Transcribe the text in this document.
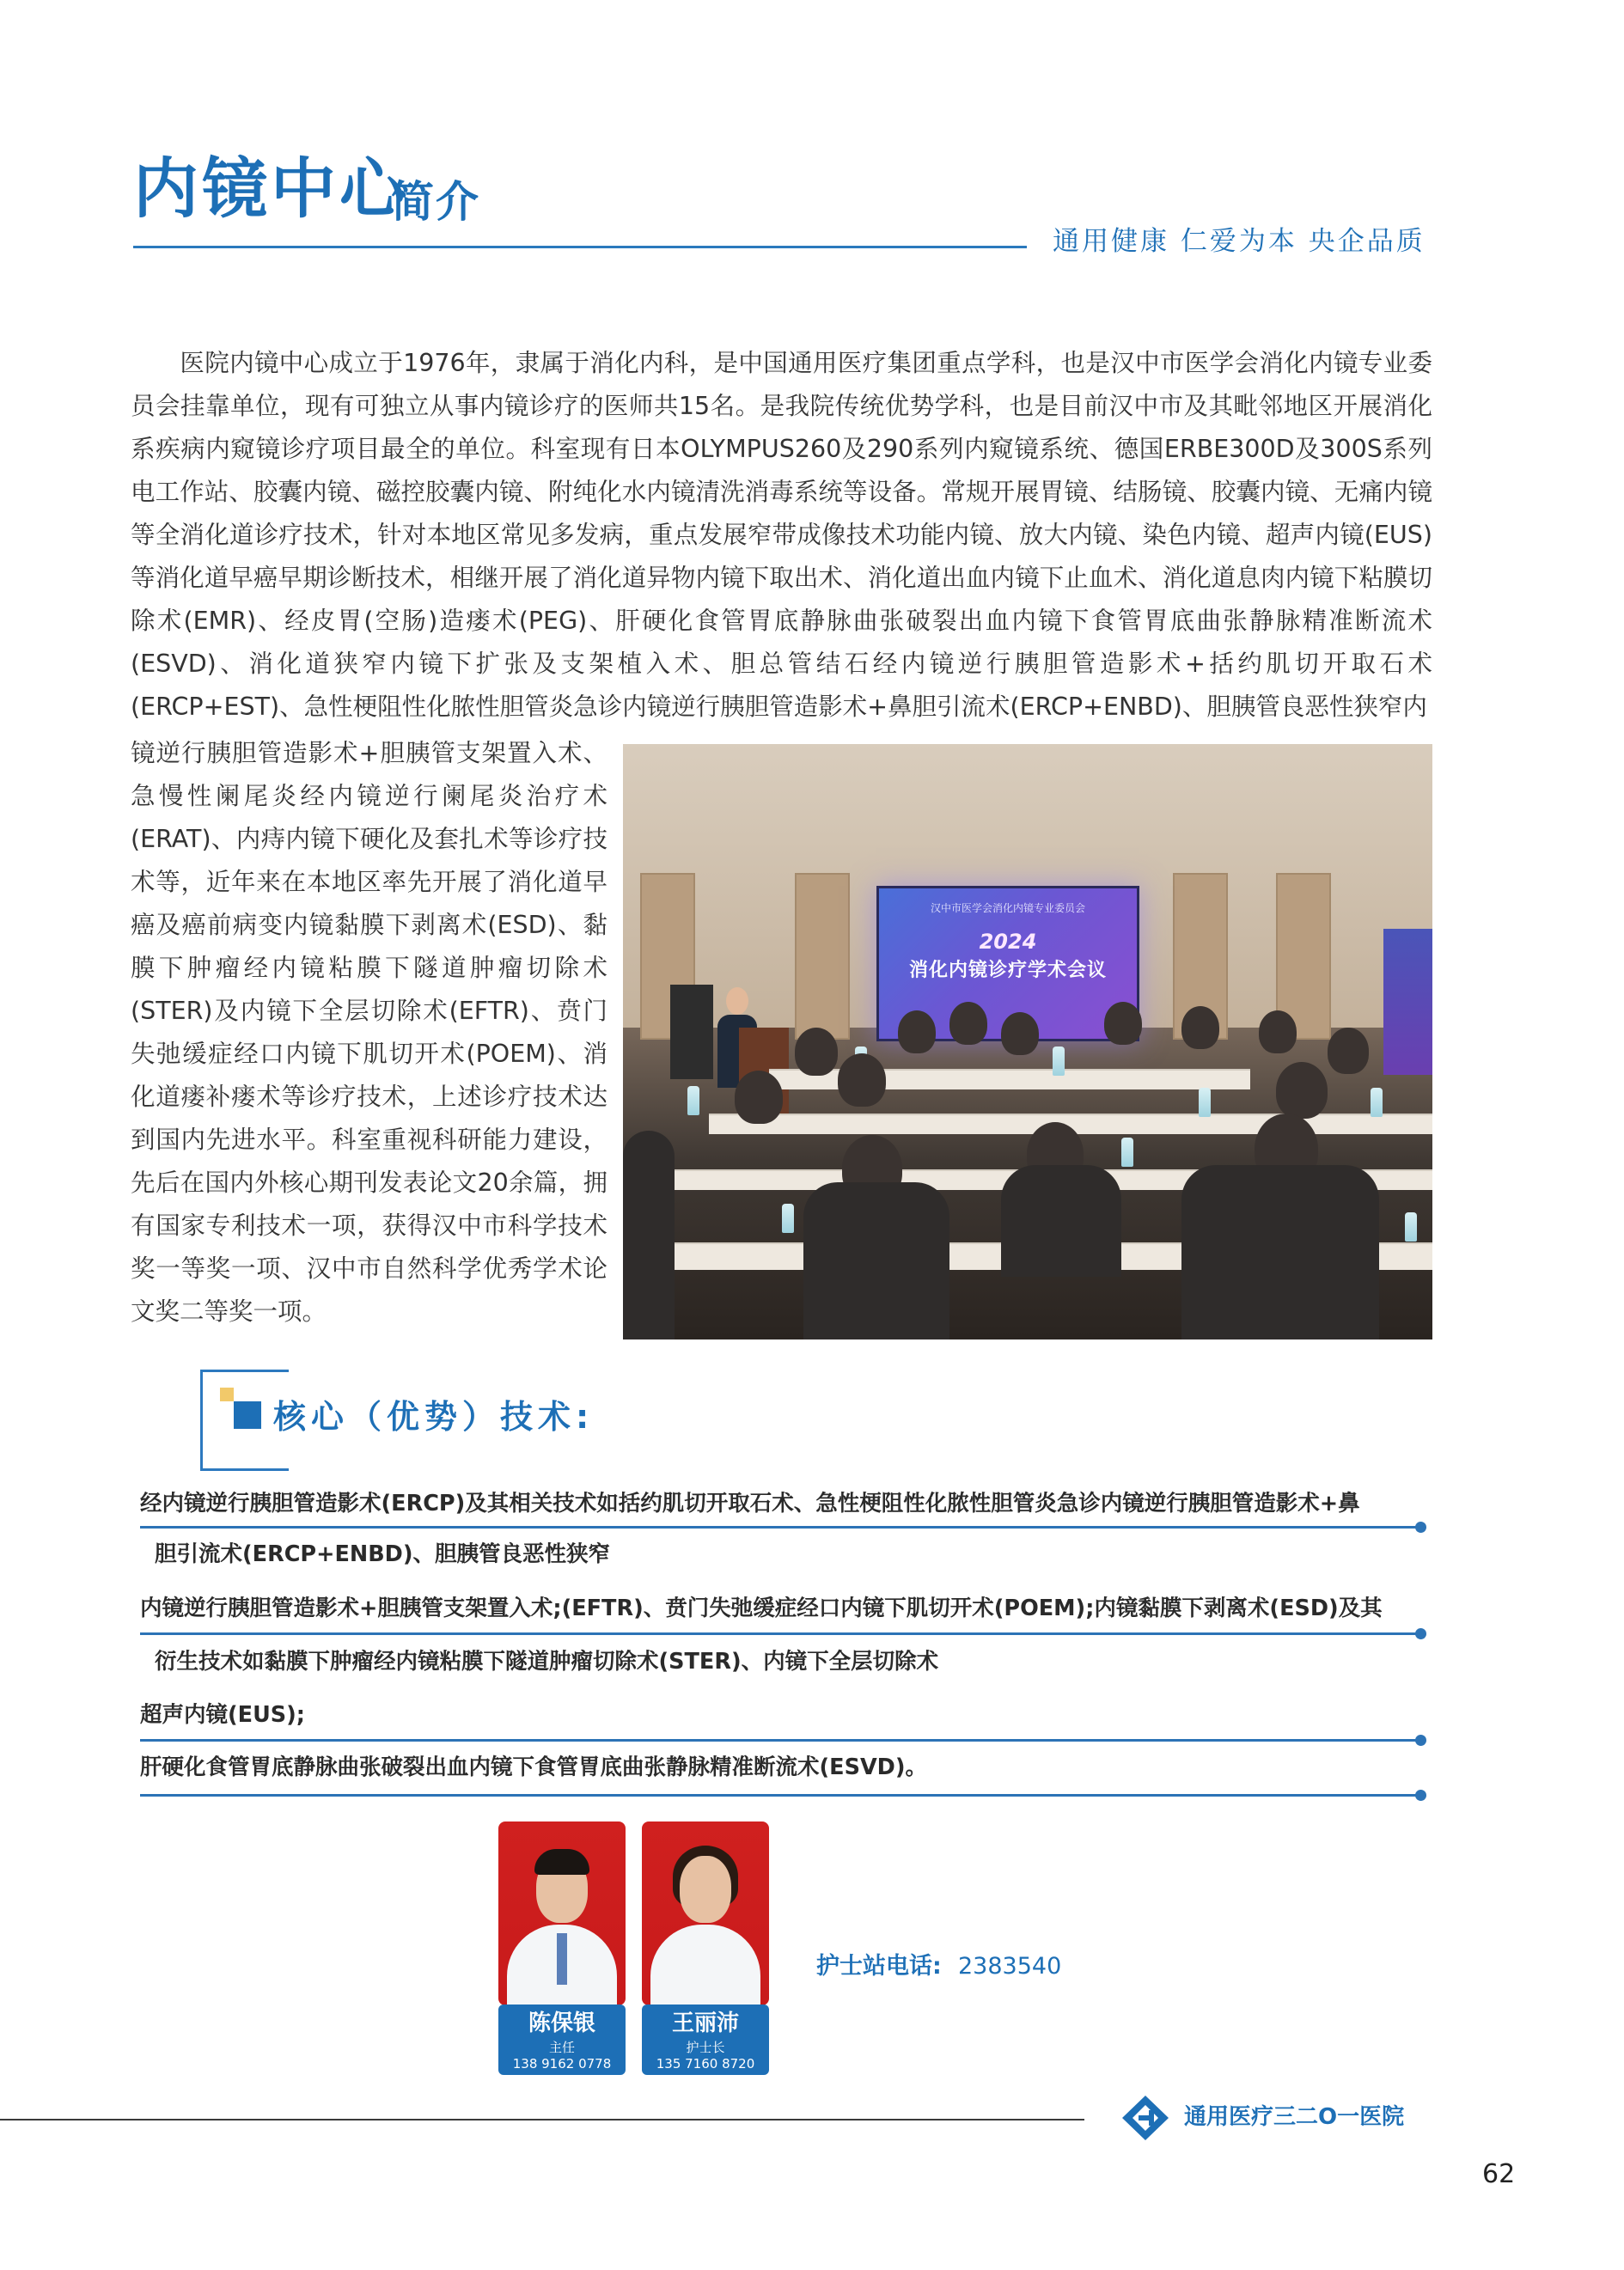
内镜中心
简介
通用健康 仁爱为本 央企品质
医院内镜中心成立于1976年，隶属于消化内科，是中国通用医疗集团重点学科，也是汉中市医学会消化内镜专业委员会挂靠单位，现有可独立从事内镜诊疗的医师共15名。是我院传统优势学科，也是目前汉中市及其毗邻地区开展消化系疾病内窥镜诊疗项目最全的单位。科室现有日本OLYMPUS260及290系列内窥镜系统、德国ERBE300D及300S系列电工作站、胶囊内镜、磁控胶囊内镜、附纯化水内镜清洗消毒系统等设备。常规开展胃镜、结肠镜、胶囊内镜、无痛内镜等全消化道诊疗技术，针对本地区常见多发病，重点发展窄带成像技术功能内镜、放大内镜、染色内镜、超声内镜(EUS)等消化道早癌早期诊断技术，相继开展了消化道异物内镜下取出术、消化道出血内镜下止血术、消化道息肉内镜下粘膜切除术(EMR)、经皮胃(空肠)造瘘术(PEG)、肝硬化食管胃底静脉曲张破裂出血内镜下食管胃底曲张静脉精准断流术(ESVD)、消化道狭窄内镜下扩张及支架植入术、胆总管结石经内镜逆行胰胆管造影术+括约肌切开取石术(ERCP+EST)、急性梗阻性化脓性胆管炎急诊内镜逆行胰胆管造影术+鼻胆引流术(ERCP+ENBD)、胆胰管良恶性狭窄内
镜逆行胰胆管造影术+胆胰管支架置入术、急慢性阑尾炎经内镜逆行阑尾炎治疗术(ERAT)、内痔内镜下硬化及套扎术等诊疗技术等，近年来在本地区率先开展了消化道早癌及癌前病变内镜黏膜下剥离术(ESD)、黏膜下肿瘤经内镜粘膜下隧道肿瘤切除术(STER)及内镜下全层切除术(EFTR)、贲门失弛缓症经口内镜下肌切开术(POEM)、消化道瘘补瘘术等诊疗技术，上述诊疗技术达到国内先进水平。科室重视科研能力建设，先后在国内外核心期刊发表论文20余篇，拥有国家专利技术一项，获得汉中市科学技术奖一等奖一项、汉中市自然科学优秀学术论文奖二等奖一项。
汉中市医学会消化内镜专业委员会
2024
消化内镜诊疗学术会议
核心（优势）技术:
经内镜逆行胰胆管造影术(ERCP)及其相关技术如括约肌切开取石术、急性梗阻性化脓性胆管炎急诊内镜逆行胰胆管造影术+鼻
胆引流术(ERCP+ENBD)、胆胰管良恶性狭窄
内镜逆行胰胆管造影术+胆胰管支架置入术;(EFTR)、贲门失弛缓症经口内镜下肌切开术(POEM);内镜黏膜下剥离术(ESD)及其
衍生技术如黏膜下肿瘤经内镜粘膜下隧道肿瘤切除术(STER)、内镜下全层切除术
超声内镜(EUS);
肝硬化食管胃底静脉曲张破裂出血内镜下食管胃底曲张静脉精准断流术(ESVD)。
陈保银
主任
138 9162 0778
王丽沛
护士长
135 7160 8720
护士站电话: 2383540
通用医疗三二O一医院
62
